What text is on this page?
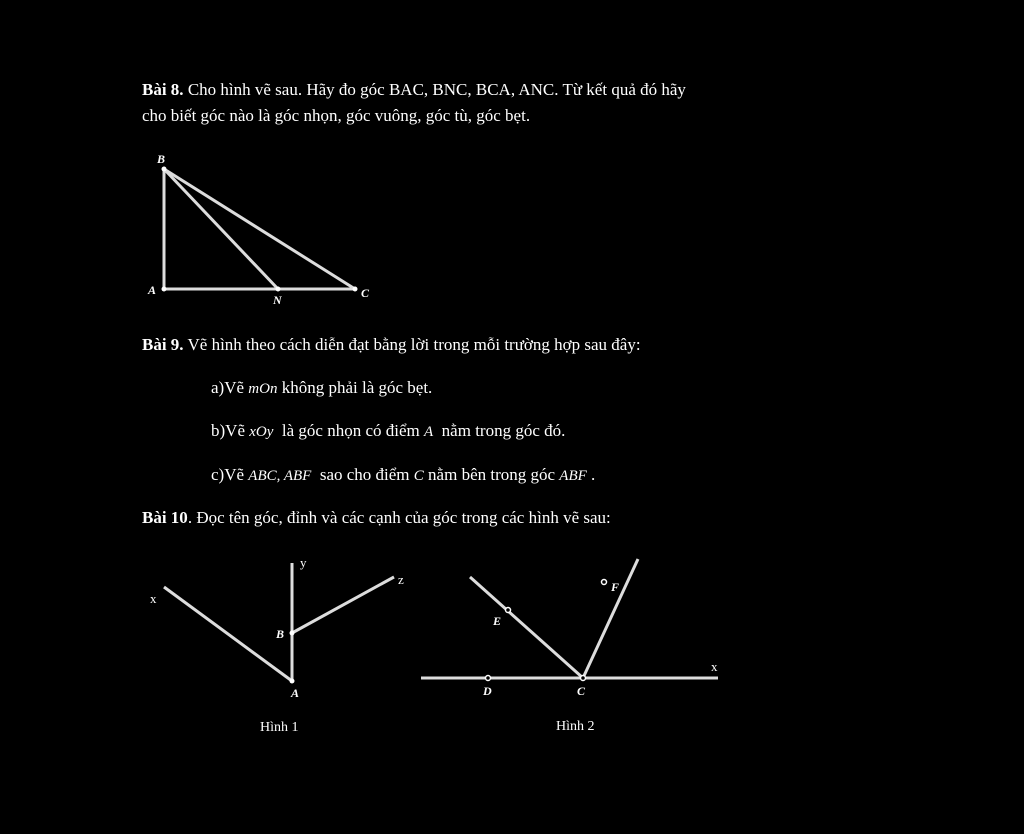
Bài 8. Cho hình vẽ sau. Hãy đo góc BAC, BNC, BCA, ANC. Từ kết quả đó hãy
cho biết góc nào là góc nhọn, góc vuông, góc tù, góc bẹt.
B
A
N	C
Bài 9. Vẽ hình theo cách diễn đạt bằng lời trong mỗi trường hợp sau đây:
a)Vẽ mOn không phải là góc bẹt.
b)Vẽ xOy là góc nhọn có điểm A nằm trong góc đó.
c)Vẽ ABC, ABF sao cho điểm C nằm bên trong góc ABF .
Bài 10. Đọc tên góc, đỉnh và các cạnh của góc trong các hình vẽ sau:
x
y
z
B
A
Hình 1
E
F
x
D	C
Hình 2
